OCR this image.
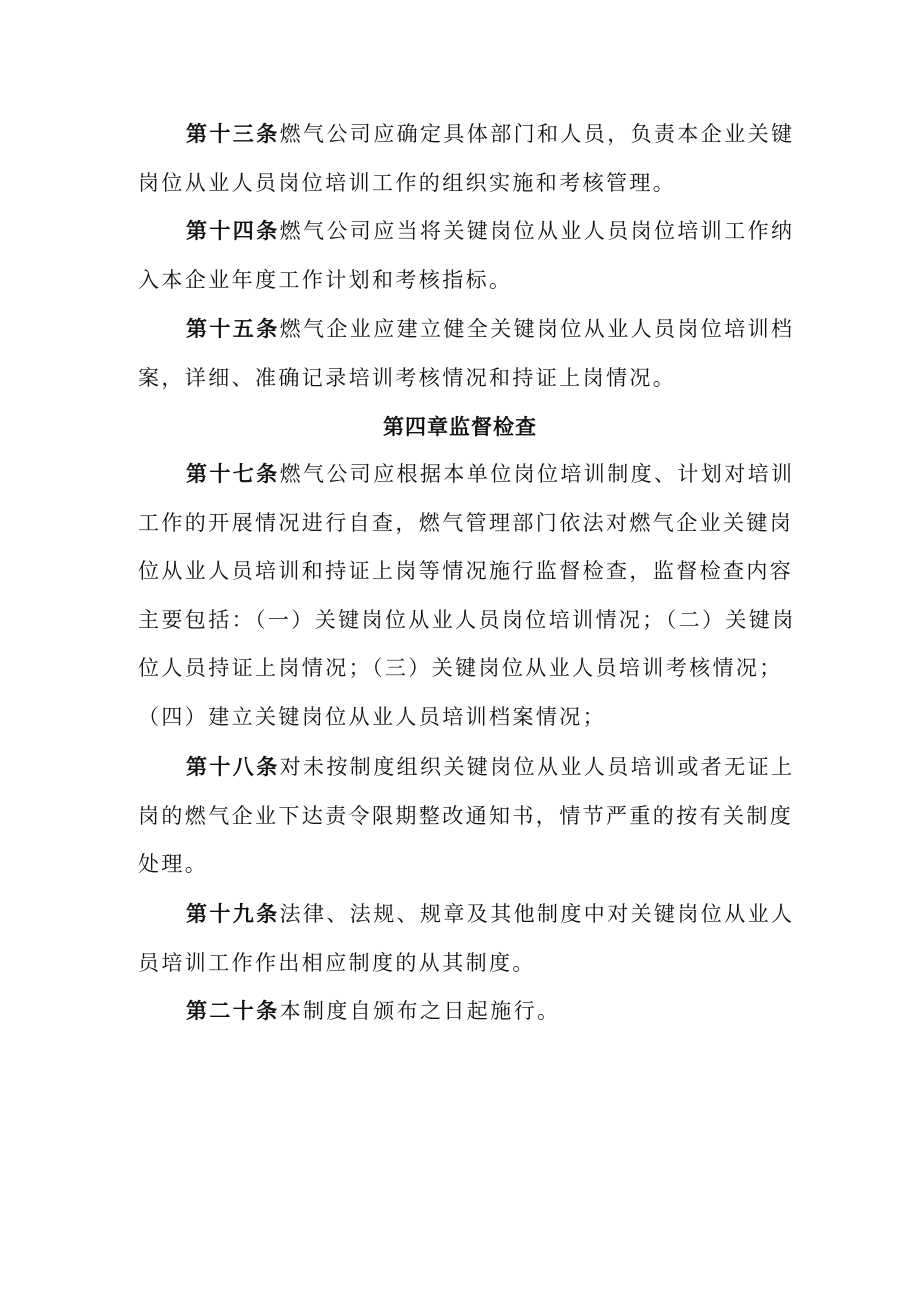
第十三条燃气公司应确定具体部门和人员，负责本企业关键岗位从业人员岗位培训工作的组织实施和考核管理。

第十四条燃气公司应当将关键岗位从业人员岗位培训工作纳入本企业年度工作计划和考核指标。

第十五条燃气企业应建立健全关键岗位从业人员岗位培训档案，详细、准确记录培训考核情况和持证上岗情况。

第四章监督检查

第十七条燃气公司应根据本单位岗位培训制度、计划对培训工作的开展情况进行自查，燃气管理部门依法对燃气企业关键岗位从业人员培训和持证上岗等情况施行监督检查，监督检查内容主要包括：（一）关键岗位从业人员岗位培训情况；（二）关键岗位人员持证上岗情况；（三）关键岗位从业人员培训考核情况；（四）建立关键岗位从业人员培训档案情况；

第十八条对未按制度组织关键岗位从业人员培训或者无证上岗的燃气企业下达责令限期整改通知书，情节严重的按有关制度处理。

第十九条法律、法规、规章及其他制度中对关键岗位从业人员培训工作作出相应制度的从其制度。

第二十条本制度自颁布之日起施行。
